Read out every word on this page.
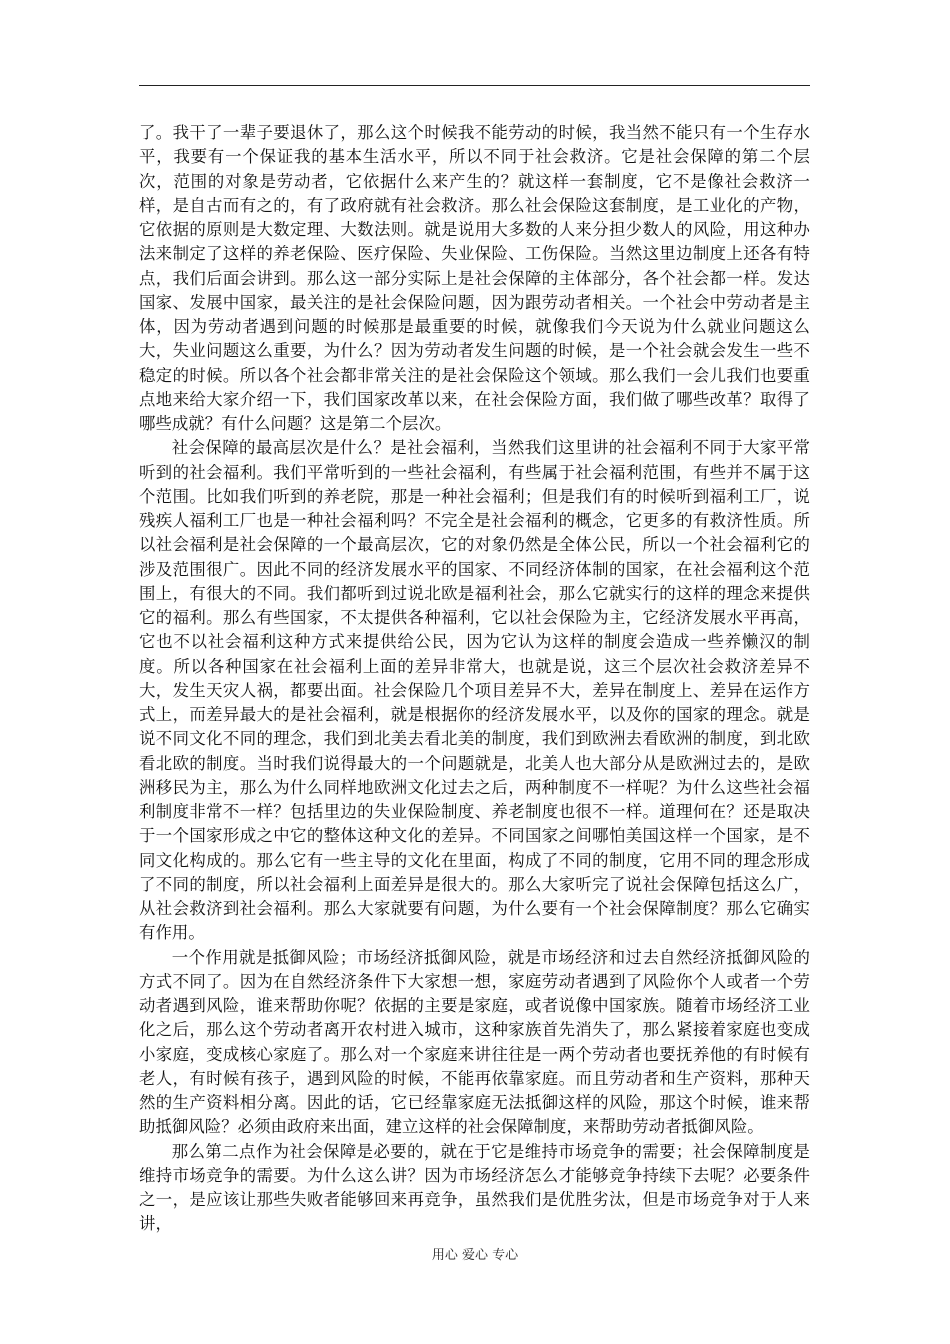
了。我干了一辈子要退休了，那么这个时候我不能劳动的时候，我当然不能只有一个生存水平，我要有一个保证我的基本生活水平，所以不同于社会救济。它是社会保障的第二个层次，范围的对象是劳动者，它依据什么来产生的？就这样一套制度，它不是像社会救济一样，是自古而有之的，有了政府就有社会救济。那么社会保险这套制度，是工业化的产物，它依据的原则是大数定理、大数法则。就是说用大多数的人来分担少数人的风险，用这种办法来制定了这样的养老保险、医疗保险、失业保险、工伤保险。当然这里边制度上还各有特点，我们后面会讲到。那么这一部分实际上是社会保障的主体部分，各个社会都一样。发达国家、发展中国家，最关注的是社会保险问题，因为跟劳动者相关。一个社会中劳动者是主体，因为劳动者遇到问题的时候那是最重要的时候，就像我们今天说为什么就业问题这么大，失业问题这么重要，为什么？因为劳动者发生问题的时候，是一个社会就会发生一些不稳定的时候。所以各个社会都非常关注的是社会保险这个领域。那么我们一会儿我们也要重点地来给大家介绍一下，我们国家改革以来，在社会保险方面，我们做了哪些改革？取得了哪些成就？有什么问题？这是第二个层次。

社会保障的最高层次是什么？是社会福利，当然我们这里讲的社会福利不同于大家平常听到的社会福利。我们平常听到的一些社会福利，有些属于社会福利范围，有些并不属于这个范围。比如我们听到的养老院，那是一种社会福利；但是我们有的时候听到福利工厂，说残疾人福利工厂也是一种社会福利吗？不完全是社会福利的概念，它更多的有救济性质。所以社会福利是社会保障的一个最高层次，它的对象仍然是全体公民，所以一个社会福利它的涉及范围很广。因此不同的经济发展水平的国家、不同经济体制的国家，在社会福利这个范围上，有很大的不同。我们都听到过说北欧是福利社会，那么它就实行的这样的理念来提供它的福利。那么有些国家，不太提供各种福利，它以社会保险为主，它经济发展水平再高，它也不以社会福利这种方式来提供给公民，因为它认为这样的制度会造成一些养懒汉的制度。所以各种国家在社会福利上面的差异非常大，也就是说，这三个层次社会救济差异不大，发生天灾人祸，都要出面。社会保险几个项目差异不大，差异在制度上、差异在运作方式上，而差异最大的是社会福利，就是根据你的经济发展水平，以及你的国家的理念。就是说不同文化不同的理念，我们到北美去看北美的制度，我们到欧洲去看欧洲的制度，到北欧看北欧的制度。当时我们说得最大的一个问题就是，北美人也大部分从是欧洲过去的，是欧洲移民为主，那么为什么同样地欧洲文化过去之后，两种制度不一样呢？为什么这些社会福利制度非常不一样？包括里边的失业保险制度、养老制度也很不一样。道理何在？还是取决于一个国家形成之中它的整体这种文化的差异。不同国家之间哪怕美国这样一个国家，是不同文化构成的。那么它有一些主导的文化在里面，构成了不同的制度，它用不同的理念形成了不同的制度，所以社会福利上面差异是很大的。那么大家听完了说社会保障包括这么广，从社会救济到社会福利。那么大家就要有问题，为什么要有一个社会保障制度？那么它确实有作用。

一个作用就是抵御风险；市场经济抵御风险，就是市场经济和过去自然经济抵御风险的方式不同了。因为在自然经济条件下大家想一想，家庭劳动者遇到了风险你个人或者一个劳动者遇到风险，谁来帮助你呢？依据的主要是家庭，或者说像中国家族。随着市场经济工业化之后，那么这个劳动者离开农村进入城市，这种家族首先消失了，那么紧接着家庭也变成小家庭，变成核心家庭了。那么对一个家庭来讲往往是一两个劳动者也要抚养他的有时候有老人，有时候有孩子，遇到风险的时候，不能再依靠家庭。而且劳动者和生产资料，那种天然的生产资料相分离。因此的话，它已经靠家庭无法抵御这样的风险，那这个时候，谁来帮助抵御风险？必须由政府来出面，建立这样的社会保障制度，来帮助劳动者抵御风险。

那么第二点作为社会保障是必要的，就在于它是维持市场竞争的需要；社会保障制度是维持市场竞争的需要。为什么这么讲？因为市场经济怎么才能够竞争持续下去呢？必要条件之一，是应该让那些失败者能够回来再竞争，虽然我们是优胜劣汰，但是市场竞争对于人来讲，

用心 爱心 专心
